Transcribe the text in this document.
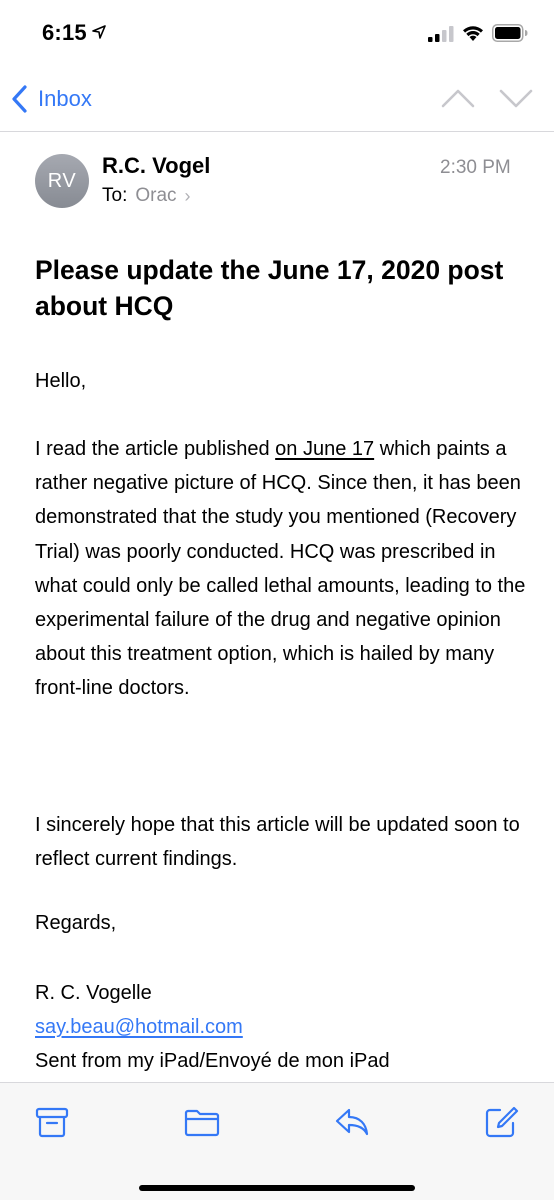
6:15
Inbox
RV
R.C. Vogel
To: Orac ›
2:30 PM
Please update the June 17, 2020 post about HCQ
Hello,
I read the article published on June 17 which paints a rather negative picture of HCQ. Since then, it has been demonstrated that the study you mentioned (Recovery Trial) was poorly conducted. HCQ was prescribed in what could only be called lethal amounts, leading to the experimental failure of the drug and negative opinion about this treatment option, which is hailed by many front-line doctors.
I sincerely hope that this article will be updated soon to reflect current findings.
Regards,
R. C. Vogelle
say.beau@hotmail.com
Sent from my iPad/Envoyé de mon iPad
